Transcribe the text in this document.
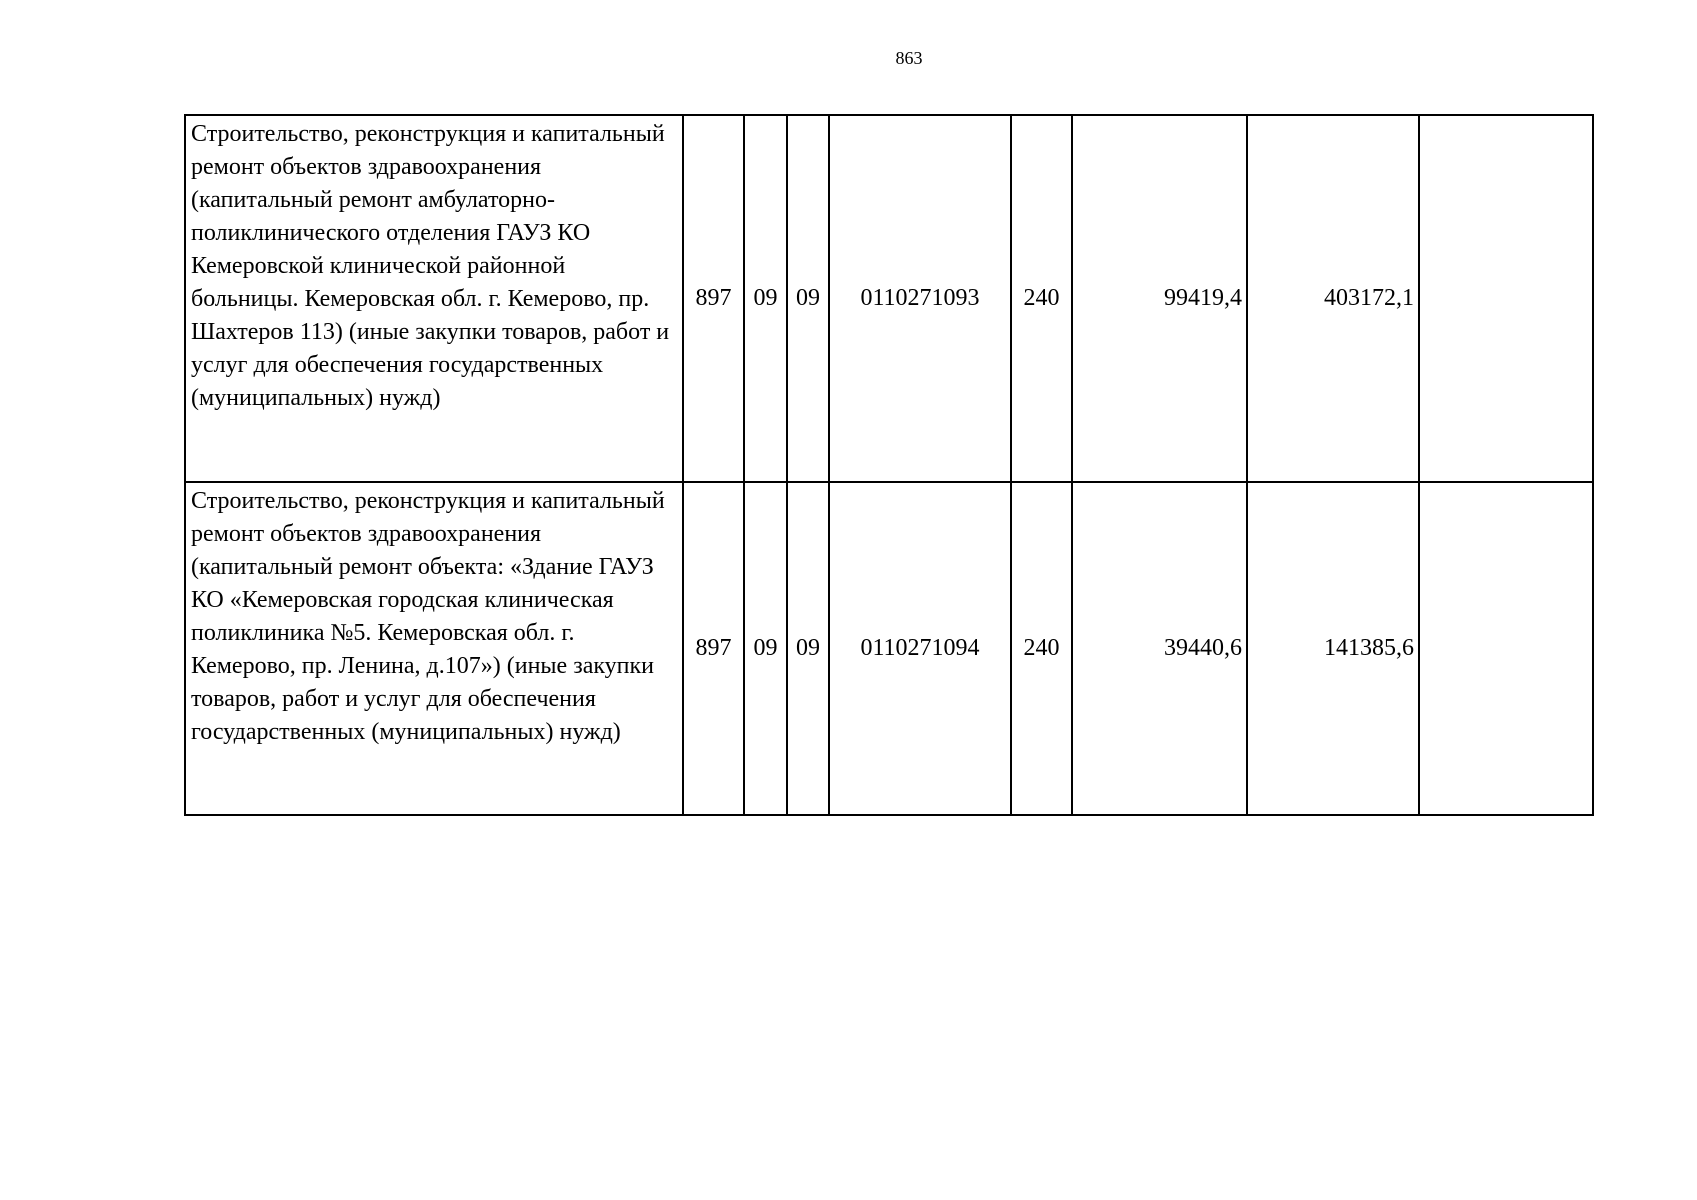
863
Строительство, реконструкция и капитальный ремонт объектов здравоохранения (капитальный ремонт амбулаторно-поликлинического отделения ГАУЗ КО Кемеровской клинической районной больницы. Кемеровская обл. г. Кемерово, пр. Шахтеров 113) (иные закупки товаров, работ и услуг для обеспечения государственных (муниципальных) нужд)	897	09	09	0110271093	240	99419,4	403172,1	
Строительство, реконструкция и капитальный ремонт объектов здравоохранения (капитальный ремонт объекта: «Здание ГАУЗ КО «Кемеровская городская клиническая поликлиника №5. Кемеровская обл. г. Кемерово, пр. Ленина, д.107») (иные закупки товаров, работ и услуг для обеспечения государственных (муниципальных) нужд)	897	09	09	0110271094	240	39440,6	141385,6	
